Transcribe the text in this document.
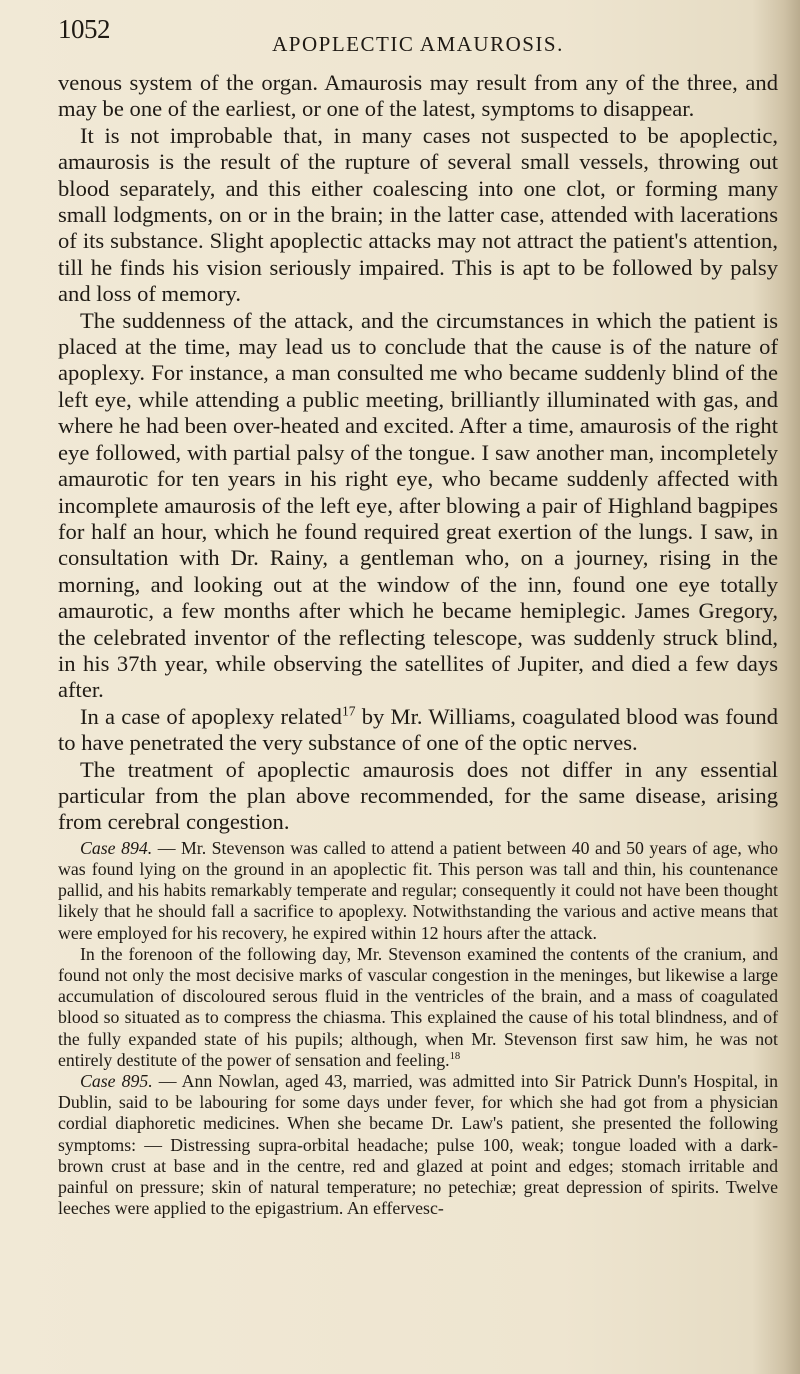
1052	APOPLECTIC AMAUROSIS.

venous system of the organ. Amaurosis may result from any of the three, and may be one of the earliest, or one of the latest, symptoms to disappear.

It is not improbable that, in many cases not suspected to be apoplectic, amaurosis is the result of the rupture of several small vessels, throwing out blood separately, and this either coalescing into one clot, or forming many small lodgments, on or in the brain; in the latter case, attended with lacerations of its substance. Slight apoplectic attacks may not attract the patient's attention, till he finds his vision seriously impaired. This is apt to be followed by palsy and loss of memory.

The suddenness of the attack, and the circumstances in which the patient is placed at the time, may lead us to conclude that the cause is of the nature of apoplexy. For instance, a man consulted me who became suddenly blind of the left eye, while attending a public meeting, brilliantly illuminated with gas, and where he had been over-heated and excited. After a time, amaurosis of the right eye followed, with partial palsy of the tongue. I saw another man, incompletely amaurotic for ten years in his right eye, who became suddenly affected with incomplete amaurosis of the left eye, after blowing a pair of Highland bagpipes for half an hour, which he found required great exertion of the lungs. I saw, in consultation with Dr. Rainy, a gentleman who, on a journey, rising in the morning, and looking out at the window of the inn, found one eye totally amaurotic, a few months after which he became hemiplegic. James Gregory, the celebrated inventor of the reflecting telescope, was suddenly struck blind, in his 37th year, while observing the satellites of Jupiter, and died a few days after.

In a case of apoplexy related$^{17}$ by Mr. Williams, coagulated blood was found to have penetrated the very substance of one of the optic nerves.

The treatment of apoplectic amaurosis does not differ in any essential particular from the plan above recommended, for the same disease, arising from cerebral congestion.

Case 894. — Mr. Stevenson was called to attend a patient between 40 and 50 years of age, who was found lying on the ground in an apoplectic fit. This person was tall and thin, his countenance pallid, and his habits remarkably temperate and regular; consequently it could not have been thought likely that he should fall a sacrifice to apoplexy. Notwithstanding the various and active means that were employed for his recovery, he expired within 12 hours after the attack.

In the forenoon of the following day, Mr. Stevenson examined the contents of the cranium, and found not only the most decisive marks of vascular congestion in the meninges, but likewise a large accumulation of discoloured serous fluid in the ventricles of the brain, and a mass of coagulated blood so situated as to compress the chiasma. This explained the cause of his total blindness, and of the fully expanded state of his pupils; although, when Mr. Stevenson first saw him, he was not entirely destitute of the power of sensation and feeling.$^{18}$

Case 895. — Ann Nowlan, aged 43, married, was admitted into Sir Patrick Dunn's Hospital, in Dublin, said to be labouring for some days under fever, for which she had got from a physician cordial diaphoretic medicines. When she became Dr. Law's patient, she presented the following symptoms: — Distressing supra-orbital headache; pulse 100, weak; tongue loaded with a dark-brown crust at base and in the centre, red and glazed at point and edges; stomach irritable and painful on pressure; skin of natural temperature; no petechiæ; great depression of spirits. Twelve leeches were applied to the epigastrium. An effervesc-
